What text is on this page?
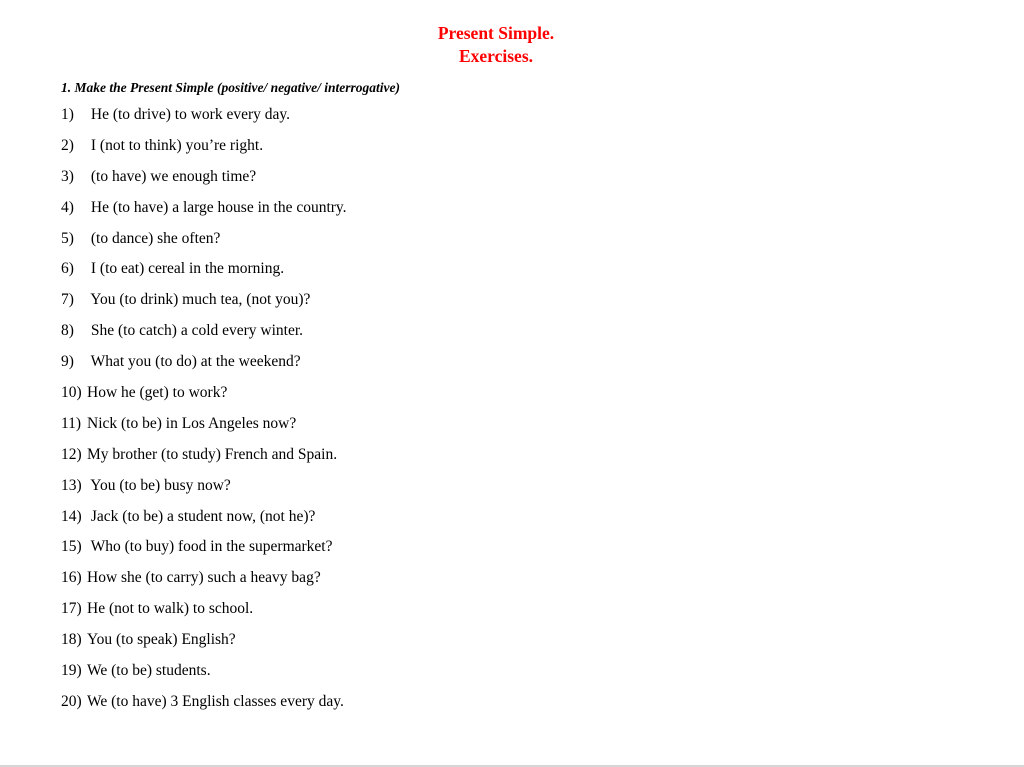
Present Simple.
Exercises.
1. Make the Present Simple (positive/ negative/ interrogative)
1) He (to drive) to work every day.
2) I (not to think) you’re right.
3) (to have) we enough time?
4) He (to have) a large house in the country.
5) (to dance) she often?
6) I (to eat) cereal in the morning.
7) You (to drink) much tea, (not you)?
8) She (to catch) a cold every winter.
9) What you (to do) at the weekend?
10) How he (get) to work?
11) Nick (to be) in Los Angeles now?
12) My brother (to study) French and Spain.
13) You (to be) busy now?
14) Jack (to be) a student now, (not he)?
15) Who (to buy) food in the supermarket?
16) How she (to carry) such a heavy bag?
17) He (not to walk) to school.
18) You (to speak) English?
19) We (to be) students.
20) We (to have) 3 English classes every day.
